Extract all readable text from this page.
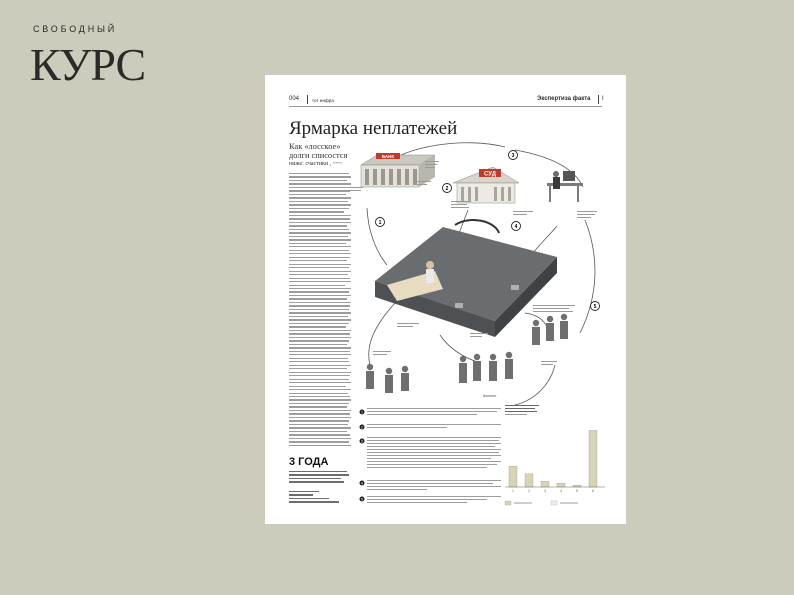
СВОБОДНЫЙ
КУРС
004	тот инфра	Экспертиза факта I
Ярмарка неплатежей
Как «лосское»
долги списостся
ниже: счастики , ~~~
3 ГОДА
БАНК
СУД
1
2
3
4
5
Коллект
1
2
3
4
5
1	2	3	4	5	6
